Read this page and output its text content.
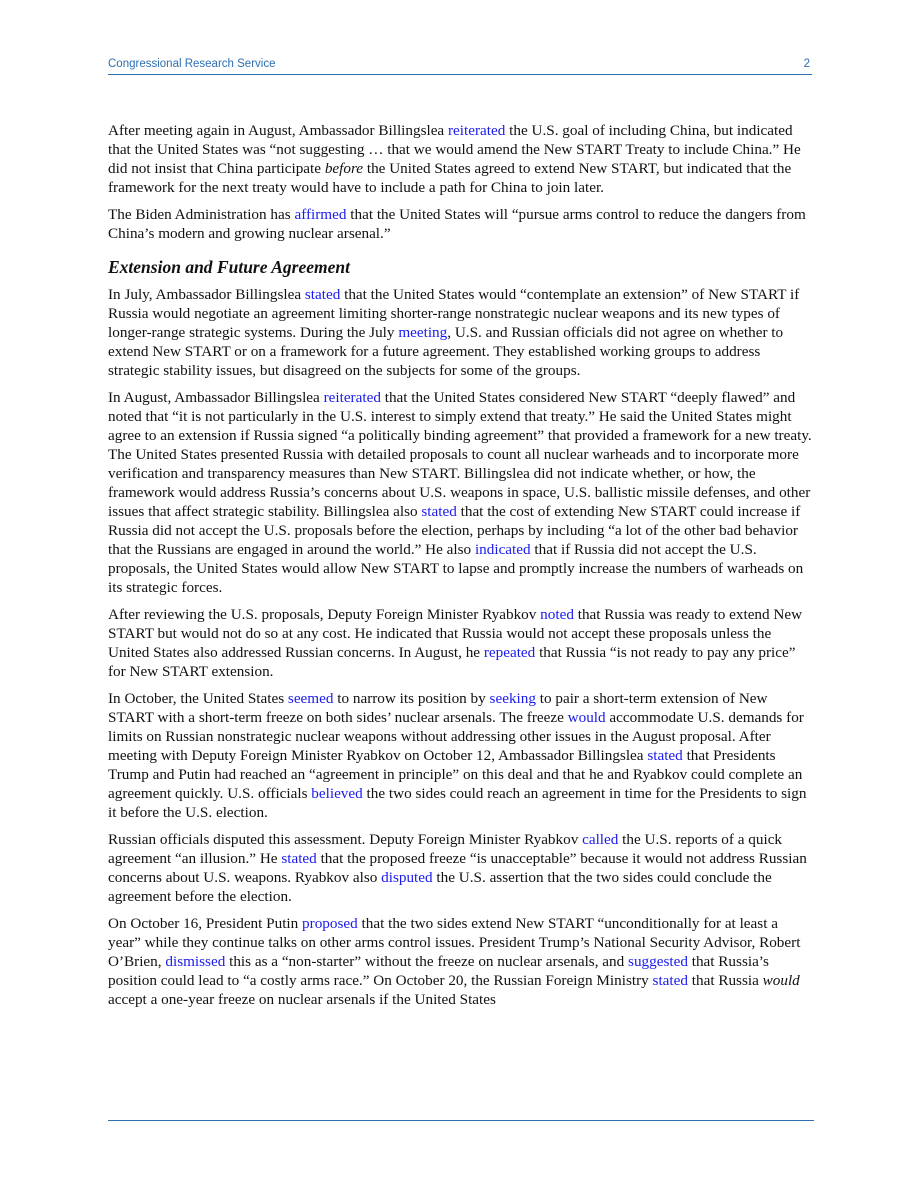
Congressional Research Service	2

After meeting again in August, Ambassador Billingslea reiterated the U.S. goal of including China, but indicated that the United States was “not suggesting … that we would amend the New START Treaty to include China.” He did not insist that China participate before the United States agreed to extend New START, but indicated that the framework for the next treaty would have to include a path for China to join later.

The Biden Administration has affirmed that the United States will “pursue arms control to reduce the dangers from China’s modern and growing nuclear arsenal.”

Extension and Future Agreement

In July, Ambassador Billingslea stated that the United States would “contemplate an extension” of New START if Russia would negotiate an agreement limiting shorter-range nonstrategic nuclear weapons and its new types of longer-range strategic systems. During the July meeting, U.S. and Russian officials did not agree on whether to extend New START or on a framework for a future agreement. They established working groups to address strategic stability issues, but disagreed on the subjects for some of the groups.

In August, Ambassador Billingslea reiterated that the United States considered New START “deeply flawed” and noted that “it is not particularly in the U.S. interest to simply extend that treaty.” He said the United States might agree to an extension if Russia signed “a politically binding agreement” that provided a framework for a new treaty. The United States presented Russia with detailed proposals to count all nuclear warheads and to incorporate more verification and transparency measures than New START. Billingslea did not indicate whether, or how, the framework would address Russia’s concerns about U.S. weapons in space, U.S. ballistic missile defenses, and other issues that affect strategic stability. Billingslea also stated that the cost of extending New START could increase if Russia did not accept the U.S. proposals before the election, perhaps by including “a lot of the other bad behavior that the Russians are engaged in around the world.” He also indicated that if Russia did not accept the U.S. proposals, the United States would allow New START to lapse and promptly increase the numbers of warheads on its strategic forces.

After reviewing the U.S. proposals, Deputy Foreign Minister Ryabkov noted that Russia was ready to extend New START but would not do so at any cost. He indicated that Russia would not accept these proposals unless the United States also addressed Russian concerns. In August, he repeated that Russia “is not ready to pay any price” for New START extension.

In October, the United States seemed to narrow its position by seeking to pair a short-term extension of New START with a short-term freeze on both sides’ nuclear arsenals. The freeze would accommodate U.S. demands for limits on Russian nonstrategic nuclear weapons without addressing other issues in the August proposal. After meeting with Deputy Foreign Minister Ryabkov on October 12, Ambassador Billingslea stated that Presidents Trump and Putin had reached an “agreement in principle” on this deal and that he and Ryabkov could complete an agreement quickly. U.S. officials believed the two sides could reach an agreement in time for the Presidents to sign it before the U.S. election.

Russian officials disputed this assessment. Deputy Foreign Minister Ryabkov called the U.S. reports of a quick agreement “an illusion.” He stated that the proposed freeze “is unacceptable” because it would not address Russian concerns about U.S. weapons. Ryabkov also disputed the U.S. assertion that the two sides could conclude the agreement before the election.

On October 16, President Putin proposed that the two sides extend New START “unconditionally for at least a year” while they continue talks on other arms control issues. President Trump’s National Security Advisor, Robert O’Brien, dismissed this as a “non-starter” without the freeze on nuclear arsenals, and suggested that Russia’s position could lead to “a costly arms race.” On October 20, the Russian Foreign Ministry stated that Russia would accept a one-year freeze on nuclear arsenals if the United States
